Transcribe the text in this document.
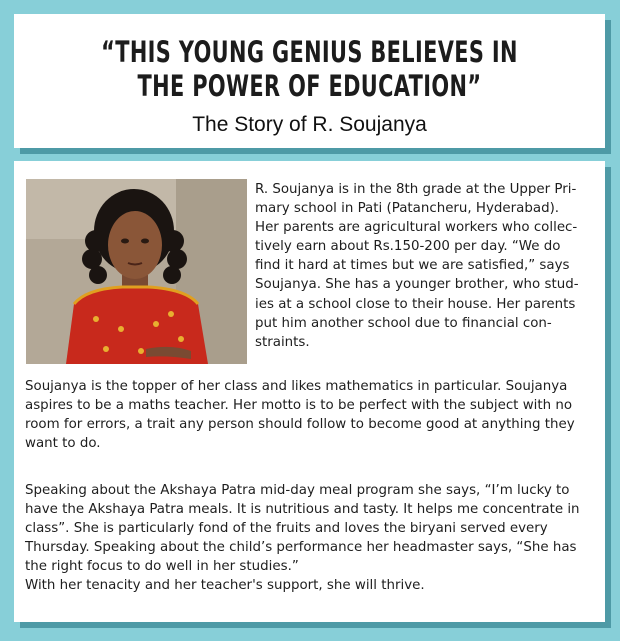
“THIS YOUNG GENIUS BELIEVES IN
THE POWER OF EDUCATION”
The Story of R. Soujanya
R. Soujanya is in the 8th grade at the Upper Pri-
mary school in Pati (Patancheru, Hyderabad).
Her parents are agricultural workers who collec-
tively earn about Rs.150-200 per day. “We do
find it hard at times but we are satisfied,” says
Soujanya. She has a younger brother, who stud-
ies at a school close to their house. Her parents
put him another school due to financial con-
straints.
Soujanya is the topper of her class and likes mathematics in particular. Soujanya
aspires to be a maths teacher. Her motto is to be perfect with the subject with no
room for errors, a trait any person should follow to become good at anything they
want to do.
Speaking about the Akshaya Patra mid-day meal program she says, “I’m lucky to
have the Akshaya Patra meals. It is nutritious and tasty. It helps me concentrate in
class”. She is particularly fond of the fruits and loves the biryani served every
Thursday. Speaking about the child’s performance her headmaster says, “She has
the right focus to do well in her studies.”
With her tenacity and her teacher's support, she will thrive.
